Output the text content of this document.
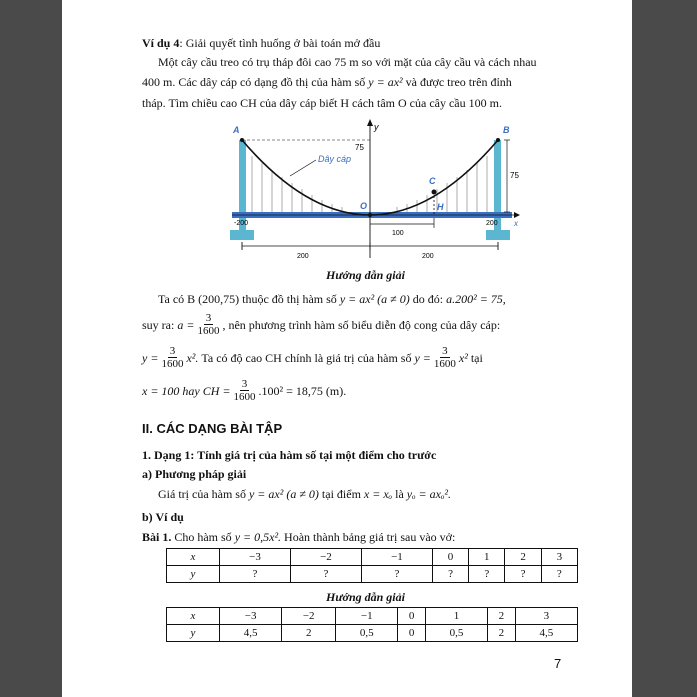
Ví dụ 4: Giải quyết tình huống ở bài toán mở đầu
Một cây cầu treo có trụ tháp đôi cao 75 m so với mặt của cây cầu và cách nhau
400 m. Các dây cáp có dạng đồ thị của hàm số y = ax² và được treo trên đỉnh
tháp. Tìm chiều cao CH của dây cáp biết H cách tâm O của cây cầu 100 m.
A	B
C
O	H
y
x
75
75
Dây cáp
-200	200
100
200	200
Hướng dẫn giải
Ta có B (200,75) thuộc đồ thị hàm số y = ax² (a ≠ 0) do đó: a.200² = 75,
suy ra:
$a = \frac{3}{1600}$ , nên phương trình hàm số biểu diễn độ cong của dây cáp:
$y = \frac{3}{1600} x^2$.
Ta có độ cao CH chính là giá trị của hàm số
$y = \frac{3}{1600} x^2$
tại
x = 100 hay CH = $\frac{3}{1600} .100^2 = 18,75$ (m).
II. CÁC DẠNG BÀI TẬP
1. Dạng 1: Tính giá trị của hàm số tại một điểm cho trước
a) Phương pháp giải
Giá trị của hàm số y = ax² (a ≠ 0) tại điểm x = xₒ là yₒ = axₒ².
b) Ví dụ
Bài 1. Cho hàm số y = 0,5x². Hoàn thành bảng giá trị sau vào vở:
x	−3	−2	−1	0	1	2	3
y	?	?	?	?	?	?	?
Hướng dẫn giải
x	−3	−2	−1	0	1	2	3
y	4,5	2	0,5	0	0,5	2	4,5
7
